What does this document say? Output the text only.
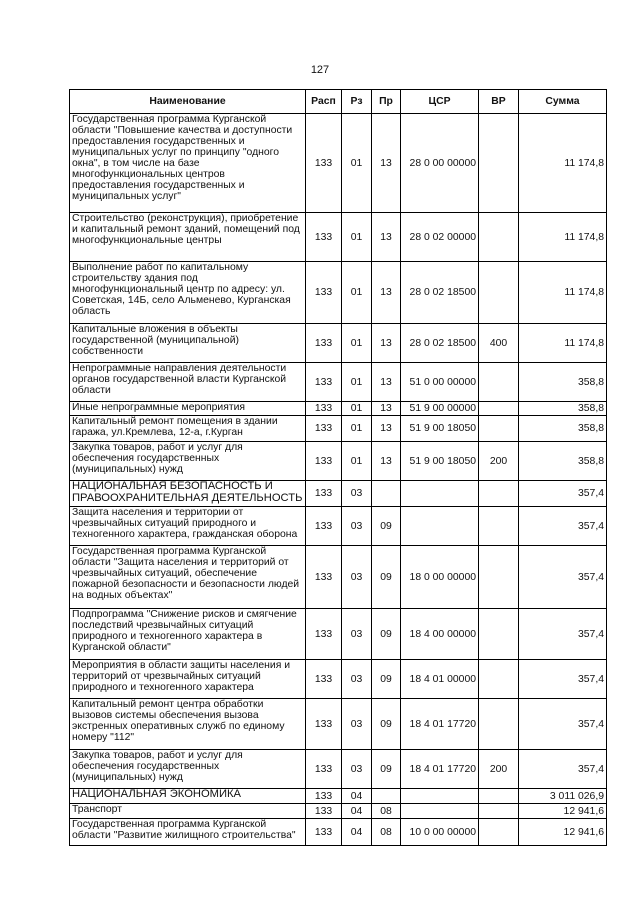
127
Наименование	Расп	Рз	Пр	ЦСР	ВР	Сумма
Государственная программа Курганской области "Повышение качества и доступности предоставления государственных и муниципальных услуг по принципу "одного окна", в том числе на базе многофункциональных центров предоставления государственных и муниципальных услуг"	133	01	13	28 0 00 00000		11 174,8
Строительство (реконструкция), приобретение и капитальный ремонт зданий, помещений под многофункциональные центры	133	01	13	28 0 02 00000		11 174,8
Выполнение работ по капитальному строительству здания под многофункциональный центр по адресу: ул. Советская, 14Б, село Альменево, Курганская область	133	01	13	28 0 02 18500		11 174,8
Капитальные вложения в объекты государственной (муниципальной) собственности	133	01	13	28 0 02 18500	400	11 174,8
Непрограммные направления деятельности органов государственной власти Курганской области	133	01	13	51 0 00 00000		358,8
Иные непрограммные мероприятия	133	01	13	51 9 00 00000		358,8
Капитальный ремонт помещения в здании гаража, ул.Кремлева, 12-а, г.Курган	133	01	13	51 9 00 18050		358,8
Закупка товаров, работ и услуг для обеспечения государственных (муниципальных) нужд	133	01	13	51 9 00 18050	200	358,8
НАЦИОНАЛЬНАЯ БЕЗОПАСНОСТЬ И ПРАВООХРАНИТЕЛЬНАЯ ДЕЯТЕЛЬНОСТЬ	133	03				357,4
Защита населения и территории от чрезвычайных ситуаций природного и техногенного характера, гражданская оборона	133	03	09			357,4
Государственная программа Курганской области "Защита населения и территорий от чрезвычайных ситуаций, обеспечение пожарной безопасности и безопасности людей на водных объектах"	133	03	09	18 0 00 00000		357,4
Подпрограмма "Снижение рисков и смягчение последствий чрезвычайных ситуаций природного и техногенного характера в Курганской области"	133	03	09	18 4 00 00000		357,4
Мероприятия в области защиты населения и территорий от чрезвычайных ситуаций природного и техногенного характера	133	03	09	18 4 01 00000		357,4
Капитальный ремонт центра обработки вызовов системы обеспечения вызова экстренных оперативных служб по единому номеру "112"	133	03	09	18 4 01 17720		357,4
Закупка товаров, работ и услуг для обеспечения государственных (муниципальных) нужд	133	03	09	18 4 01 17720	200	357,4
НАЦИОНАЛЬНАЯ ЭКОНОМИКА	133	04				3 011 026,9
Транспорт	133	04	08			12 941,6
Государственная программа Курганской области "Развитие жилищного строительства"	133	04	08	10 0 00 00000		12 941,6
